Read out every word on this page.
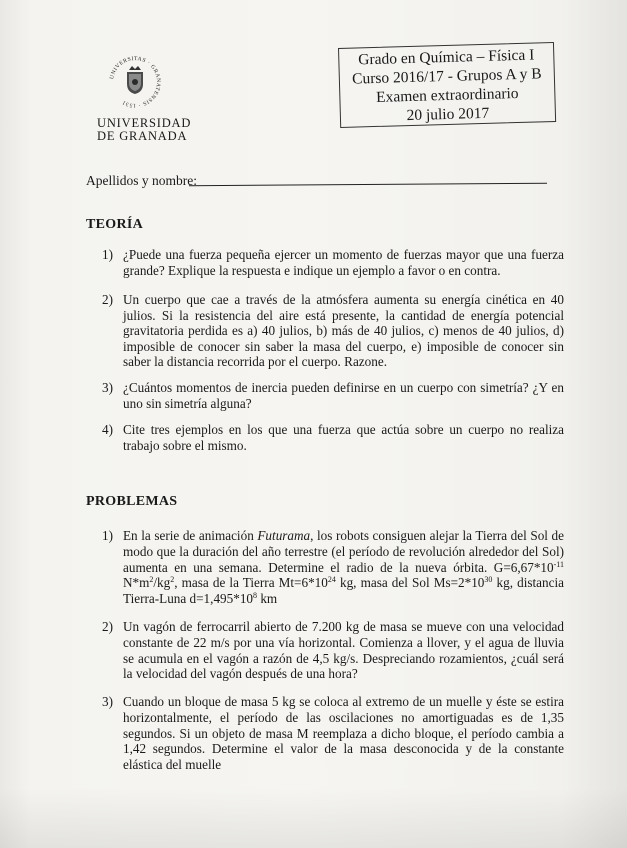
UNIVERSITAS · GRANATENSIS · 1531
UNIVERSIDAD
DE GRANADA
Grado en Química – Física I
Curso 2016/17 - Grupos A y B
Examen extraordinario
20 julio 2017
Apellidos y nombre:
TEORÍA
1) ¿Puede una fuerza pequeña ejercer un momento de fuerzas mayor que una fuerza grande? Explique la respuesta e indique un ejemplo a favor o en contra.
2) Un cuerpo que cae a través de la atmósfera aumenta su energía cinética en 40 julios. Si la resistencia del aire está presente, la cantidad de energía potencial gravitatoria perdida es a) 40 julios, b) más de 40 julios, c) menos de 40 julios, d) imposible de conocer sin saber la masa del cuerpo, e) imposible de conocer sin saber la distancia recorrida por el cuerpo. Razone.
3) ¿Cuántos momentos de inercia pueden definirse en un cuerpo con simetría? ¿Y en uno sin simetría alguna?
4) Cite tres ejemplos en los que una fuerza que actúa sobre un cuerpo no realiza trabajo sobre el mismo.
PROBLEMAS
1) En la serie de animación Futurama, los robots consiguen alejar la Tierra del Sol de modo que la duración del año terrestre (el período de revolución alrededor del Sol) aumenta en una semana. Determine el radio de la nueva órbita. $G=6,67*10^{-11}$ $N*m^2/kg^2$, masa de la Tierra $Mt=6*10^{24}$ kg, masa del Sol $Ms=2*10^{30}$ kg, distancia Tierra-Luna $d=1,495*10^8$ km
2) Un vagón de ferrocarril abierto de 7.200 kg de masa se mueve con una velocidad constante de 22 m/s por una vía horizontal. Comienza a llover, y el agua de lluvia se acumula en el vagón a razón de 4,5 kg/s. Despreciando rozamientos, ¿cuál será la velocidad del vagón después de una hora?
3) Cuando un bloque de masa 5 kg se coloca al extremo de un muelle y éste se estira horizontalmente, el período de las oscilaciones no amortiguadas es de 1,35 segundos. Si un objeto de masa M reemplaza a dicho bloque, el período cambia a 1,42 segundos. Determine el valor de la masa desconocida y de la constante elástica del muelle
